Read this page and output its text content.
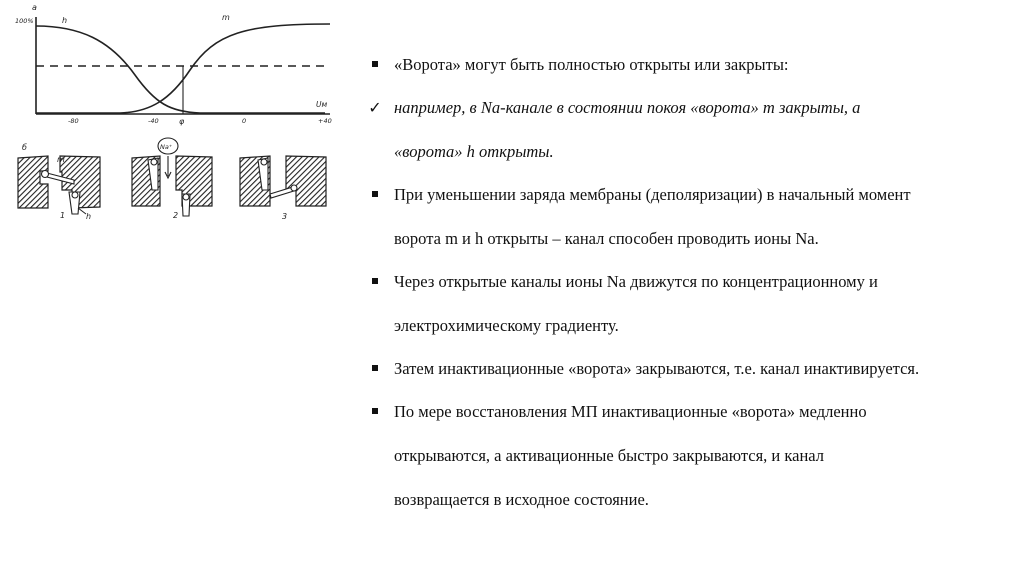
a
100%	h	m
Uм
-80	-40	φ	0	+40
б
m
h
1
Na⁺
2	3
«Ворота» могут быть полностью открыты или закрыты:
✓ например, в Na-канале в состоянии покоя «ворота» m закрыты, а
«ворота» h открыты.
При уменьшении заряда мембраны (деполяризации) в начальный момент
ворота m и h открыты – канал способен проводить ионы Na.
Через открытые каналы ионы Na движутся по концентрационному и
электрохимическому градиенту.
Затем инактивационные «ворота» закрываются, т.е. канал инактивируется.
По мере восстановления МП инактивационные «ворота» медленно
открываются, а активационные быстро закрываются, и канал
возвращается в исходное состояние.
